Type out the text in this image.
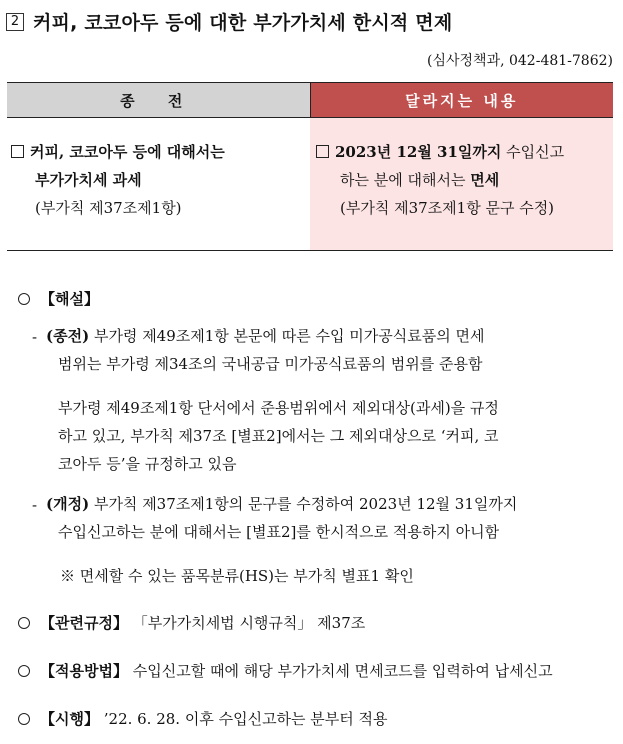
2 커피, 코코아두 등에 대한 부가가치세 한시적 면제
(심사정책과, 042-481-7862)
종 전	달라지는 내용
커피, 코코아두 등에 대해서는
부가가치세 과세
(부가칙 제37조제1항)
2023년 12월 31일까지 수입신고
하는 분에 대해서는 면세
(부가칙 제37조제1항 문구 수정)
【해설】
- (종전) 부가령 제49조제1항 본문에 따른 수입 미가공식료품의 면세
범위는 부가령 제34조의 국내공급 미가공식료품의 범위를 준용함
부가령 제49조제1항 단서에서 준용범위에서 제외대상(과세)을 규정
하고 있고, 부가칙 제37조 [별표2]에서는 그 제외대상으로 ‘커피, 코
코아두 등’을 규정하고 있음
- (개정) 부가칙 제37조제1항의 문구를 수정하여 2023년 12월 31일까지
수입신고하는 분에 대해서는 [별표2]를 한시적으로 적용하지 아니함
※ 면세할 수 있는 품목분류(HS)는 부가칙 별표1 확인
【관련규정】 「부가가치세법 시행규칙」 제37조
【적용방법】 수입신고할 때에 해당 부가가치세 면세코드를 입력하여 납세신고
【시행】 ’22. 6. 28. 이후 수입신고하는 분부터 적용
